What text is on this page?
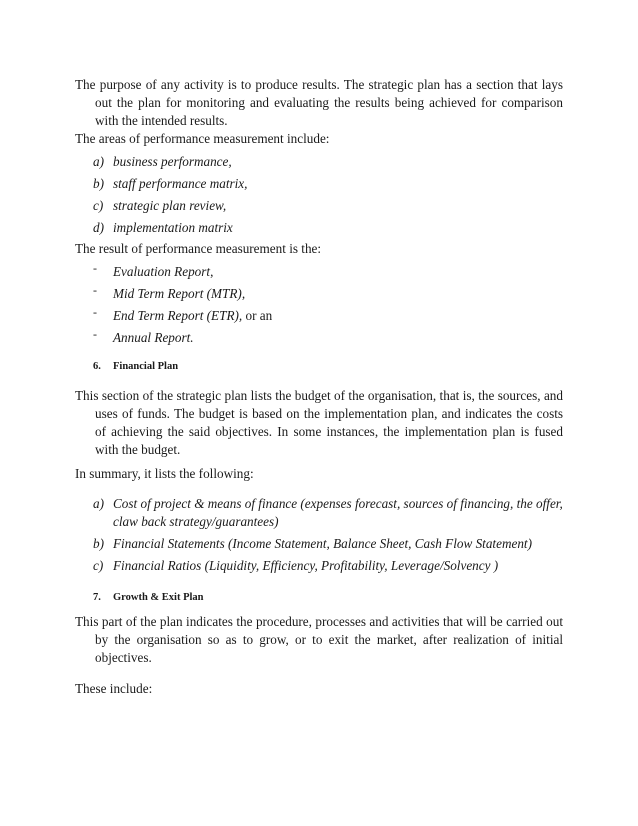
The purpose of any activity is to produce results. The strategic plan has a section that lays out the plan for monitoring and evaluating the results being achieved for comparison with the intended results.
The areas of performance measurement include:
a) business performance,
b) staff performance matrix,
c) strategic plan review,
d) implementation matrix
The result of performance measurement is the:
- Evaluation Report,
- Mid Term Report (MTR),
- End Term Report (ETR), or an
- Annual Report.
6. Financial Plan
This section of the strategic plan lists the budget of the organisation, that is, the sources, and uses of funds. The budget is based on the implementation plan, and indicates the costs of achieving the said objectives. In some instances, the implementation plan is fused with the budget.
In summary, it lists the following:
a) Cost of project & means of finance (expenses forecast, sources of financing, the offer, claw back strategy/guarantees)
b) Financial Statements (Income Statement, Balance Sheet, Cash Flow Statement)
c) Financial Ratios (Liquidity, Efficiency, Profitability, Leverage/Solvency )
7. Growth & Exit Plan
This part of the plan indicates the procedure, processes and activities that will be carried out by the organisation so as to grow, or to exit the market, after realization of initial objectives.
These include:
